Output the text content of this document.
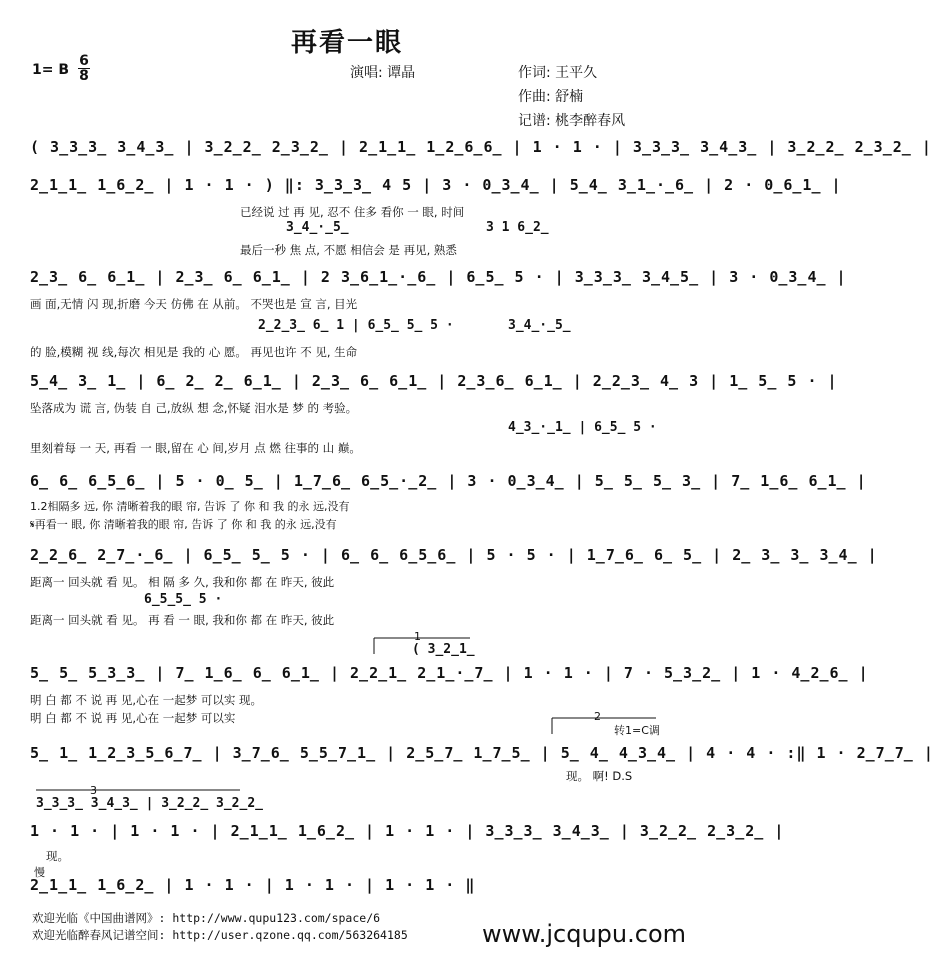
再看一眼
1= B
6
8	演唱: 谭晶	作词: 王平久
作曲: 舒楠
记谱: 桃李醉春风
( 3̲3̲3̲ 3̲4̲3̲ | 3̲2̲2̲ 2̲3̲2̲ | 2̲1̲1̲ 1̲2̲6̲6̲ | 1 · 1 · | 3̲3̲3̲ 3̲4̲3̲ | 3̲2̲2̲ 2̲3̲2̲ |
2̲1̲1̲ 1̲6̲2̲ | 1 · 1 · ) ‖: 3̲3̲3̲ 4 5 | 3 · 0̲3̲4̲ | 5̲4̲ 3̲1̲·̲6̲ | 2 · 0̲6̲1̲ |
2̲3̲ 6̲ 6̲1̲ | 2̲3̲ 6̲ 6̲1̲ | 2 3̲6̲1̲·̲6̲ | 6̲5̲ 5 · | 3̲3̲3̲ 3̲4̲5̲ | 3 · 0̲3̲4̲ |
5̲4̲ 3̲ 1̲ | 6̲ 2̲ 2̲ 6̲1̲ | 2̲3̲ 6̲ 6̲1̲ | 2̲3̲6̲ 6̲1̲ | 2̲2̲3̲ 4̲ 3 | 1̲ 5̲ 5 · |
6̲ 6̲ 6̲5̲6̲ | 5 · 0̲ 5̲ | 1̲7̲6̲ 6̲5̲·̲2̲ | 3 · 0̲3̲4̲ | 5̲ 5̲ 5̲ 3̲ | 7̲ 1̲6̲ 6̲1̲ |
2̲2̲6̲ 2̲7̲·̲6̲ | 6̲5̲ 5̲ 5 · | 6̲ 6̲ 6̲5̲6̲ | 5 · 5 · | 1̲7̲6̲ 6̲ 5̲ | 2̲ 3̲ 3̲ 3̲4̲ |
5̲ 5̲ 5̲3̲3̲ | 7̲ 1̲6̲ 6̲ 6̲1̲ | 2̲2̲1̲ 2̲1̲·̲7̲ | 1 · 1 · | 7 · 5̲3̲2̲ | 1 · 4̲2̲6̲ |
5̲ 1̲ 1̲2̲3̲5̲6̲7̲ | 3̲7̲6̲ 5̲5̲7̲1̲ | 2̲5̲7̲ 1̲7̲5̲ | 5̲ 4̲ 4̲3̲4̲ | 4 · 4 · :‖ 1 · 2̲7̲7̲ |
1 · 1 · | 1 · 1 · | 2̲1̲1̲ 1̲6̲2̲ | 1 · 1 · | 3̲3̲3̲ 3̲4̲3̲ | 3̲2̲2̲ 2̲3̲2̲ |
2̲1̲1̲ 1̲6̲2̲ | 1 · 1 · | 1 · 1 · | 1 · 1 · ‖
3̲4̲·̲5̲	3 1 6̲2̲
2̲2̲3̲ 6̲ 1 | 6̲5̲ 5̲ 5 ·	3̲4̲·̲5̲
4̲3̲·̲1̲ | 6̲5̲ 5 ·
6̲5̲5̲ 5 ·
( 3̲2̲1̲
3̲3̲3̲ 3̲4̲3̲ | 3̲2̲2̲ 3̲2̲2̲
已经说 过 再 见, 忍不 住多 看你 一 眼, 时间
最后一秒 焦 点, 不愿 相信会 是 再见, 熟悉
画 面,无情 闪 现,折磨 今天 仿佛 在 从前。 不哭也是 宣 言, 目光
的 脸,模糊 视 线,每次 相见是 我的 心 愿。 再见也许 不 见, 生命
坠落成为 谎 言, 伪装 自 己,放纵 想 念,怀疑 泪水是 梦 的 考验。
里刻着每 一 天, 再看 一 眼,留在 心 间,岁月 点 燃 往事的 山 巅。
1.2相隔多 远, 你 清晰着我的眼 帘, 告诉 了 你 和 我 的永 远,没有
𝄋再看一 眼, 你 清晰着我的眼 帘, 告诉 了 你 和 我 的永 远,没有
距离一 回头就 看 见。 相 隔 多 久, 我和你 都 在 昨天, 彼此
距离一 回头就 看 见。 再 看 一 眼, 我和你 都 在 昨天, 彼此
明 白 都 不 说 再 见,心在 一起梦 可以实 现。
明 白 都 不 说 再 见,心在 一起梦 可以实
现。 啊! D.S
现。
1
2
转1=C调
3
慢
欢迎光临《中国曲谱网》: http://www.qupu123.com/space/6
欢迎光临醉春风记谱空间: http://user.qzone.qq.com/563264185	www.jcqupu.com
